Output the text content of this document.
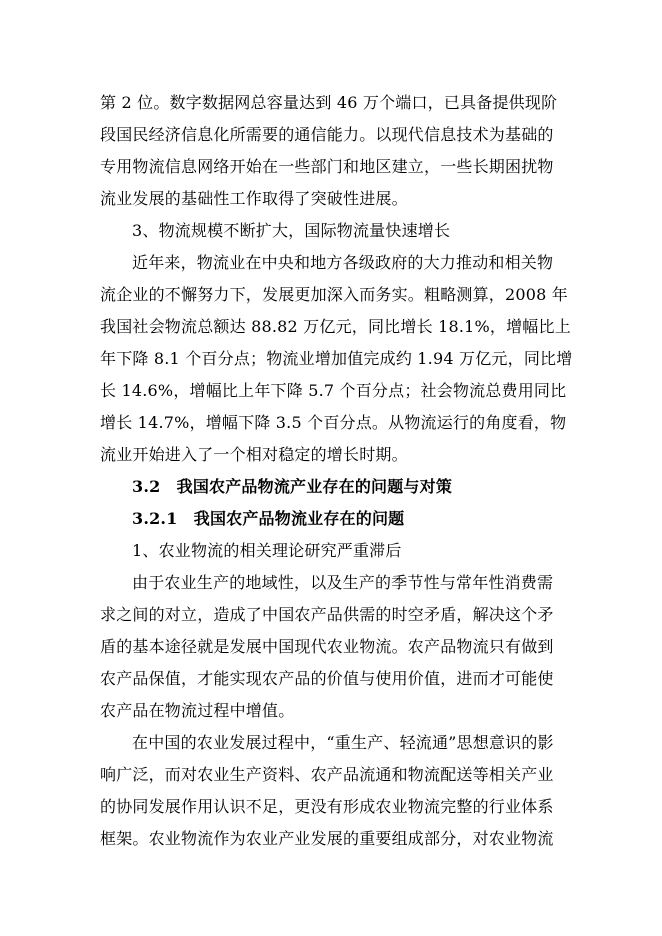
第 2 位。数字数据网总容量达到 46 万个端口，已具备提供现阶
段国民经济信息化所需要的通信能力。以现代信息技术为基础的
专用物流信息网络开始在一些部门和地区建立，一些长期困扰物
流业发展的基础性工作取得了突破性进展。
3、物流规模不断扩大，国际物流量快速增长
近年来，物流业在中央和地方各级政府的大力推动和相关物
流企业的不懈努力下，发展更加深入而务实。粗略测算，2008 年
我国社会物流总额达 88.82 万亿元，同比增长 18.1%，增幅比上
年下降 8.1 个百分点；物流业增加值完成约 1.94 万亿元，同比增
长 14.6%，增幅比上年下降 5.7 个百分点；社会物流总费用同比
增长 14.7%，增幅下降 3.5 个百分点。从物流运行的角度看，物
流业开始进入了一个相对稳定的增长时期。
3.2　我国农产品物流产业存在的问题与对策
3.2.1　我国农产品物流业存在的问题
1、农业物流的相关理论研究严重滞后
由于农业生产的地域性，以及生产的季节性与常年性消费需
求之间的对立，造成了中国农产品供需的时空矛盾，解决这个矛
盾的基本途径就是发展中国现代农业物流。农产品物流只有做到
农产品保值，才能实现农产品的价值与使用价值，进而才可能使
农产品在物流过程中增值。
在中国的农业发展过程中，“重生产、轻流通”思想意识的影
响广泛，而对农业生产资料、农产品流通和物流配送等相关产业
的协同发展作用认识不足，更没有形成农业物流完整的行业体系
框架。农业物流作为农业产业发展的重要组成部分，对农业物流
